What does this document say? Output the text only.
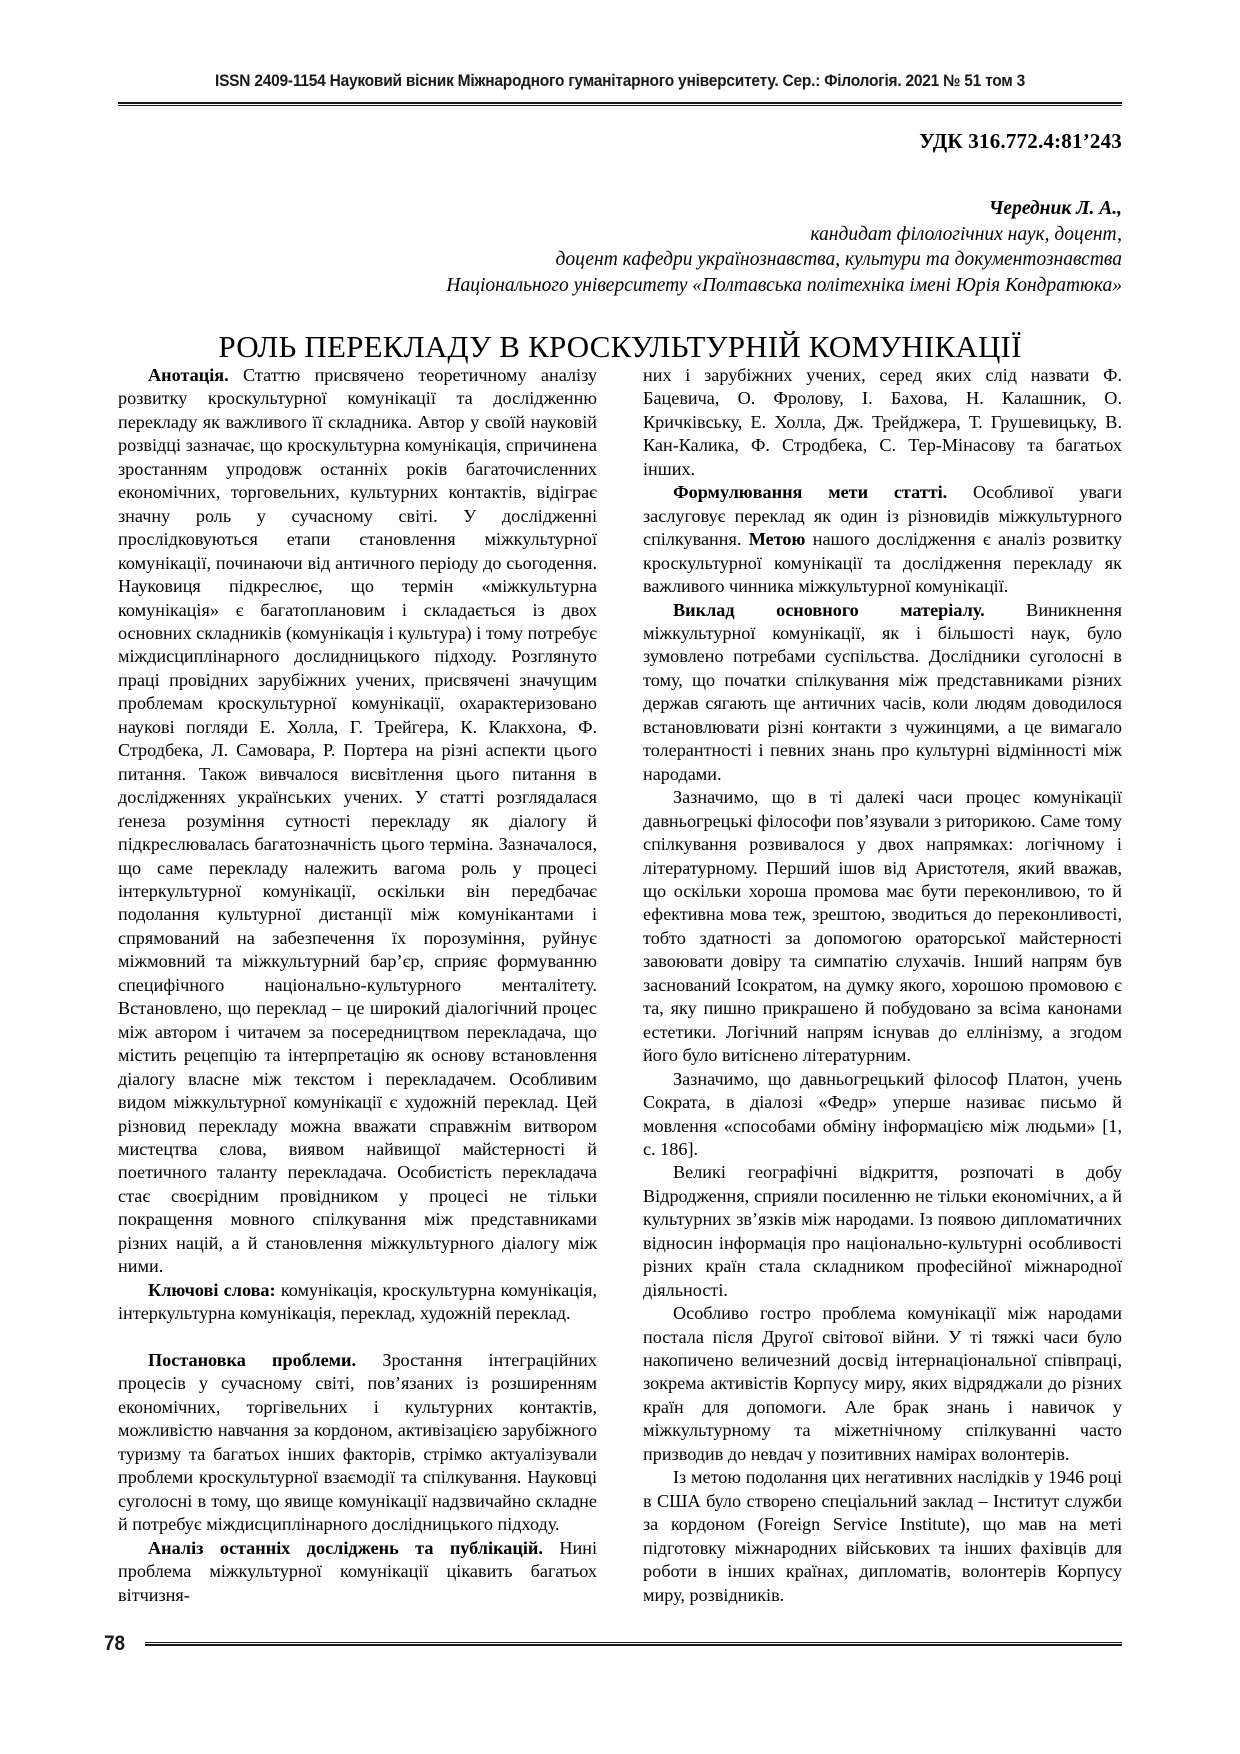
ISSN 2409-1154 Науковий вісник Міжнародного гуманітарного університету. Сер.: Філологія. 2021 № 51 том 3
УДК 316.772.4:81’243
Чередник Л. А.,
кандидат філологічних наук, доцент,
доцент кафедри українознавства, культури та документознавства
Національного університету «Полтавська політехніка імені Юрія Кондратюка»
РОЛЬ ПЕРЕКЛАДУ В КРОСКУЛЬТУРНІЙ КОМУНІКАЦІЇ

Анотація. Статтю присвячено теоретичному аналізу розвитку кроскультурної комунікації та дослідженню перекладу як важливого її складника. Автор у своїй науковій розвідці зазначає, що кроскультурна комунікація, спричинена зростанням упродовж останніх років багаточисленних економічних, торговельних, культурних контактів, відіграє значну роль у сучасному світі. У дослідженні прослідковуються етапи становлення міжкультурної комунікації, починаючи від античного періоду до сьогодення. Науковиця підкреслює, що термін «міжкультурна комунікація» є багатоплановим і складається із двох основних складників (комунікація і культура) і тому потребує міждисциплінарного дослидницького підходу. Розглянуто праці провідних зарубіжних учених, присвячені значущим проблемам кроскультурної комунікації, охарактеризовано наукові погляди Е. Холла, Г. Трейгера, К. Клакхона, Ф. Стродбека, Л. Самовара, Р. Портера на різні аспекти цього питання. Також вивчалося висвітлення цього питання в дослідженнях українських учених. У статті розглядалася ґенеза розуміння сутності перекладу як діалогу й підкреслювалась багатозначність цього терміна. Зазначалося, що саме перекладу належить вагома роль у процесі інтеркультурної комунікації, оскільки він передбачає подолання культурної дистанції між комунікантами і спрямований на забезпечення їх порозуміння, руйнує міжмовний та міжкультурний бар’єр, сприяє формуванню специфічного національно-культурного менталітету. Встановлено, що переклад – це широкий діалогічний процес між автором і читачем за посередництвом перекладача, що містить рецепцію та інтерпретацію як основу встановлення діалогу власне між текстом і перекладачем. Особливим видом міжкультурної комунікації є художній переклад. Цей різновид перекладу можна вважати справжнім витвором мистецтва слова, виявом найвищої майстерності й поетичного таланту перекладача. Особистість перекладача стає своєрідним провідником у процесі не тільки покращення мовного спілкування між представниками різних націй, а й становлення міжкультурного діалогу між ними.

Ключові слова: комунікація, кроскультурна комунікація, інтеркультурна комунікація, переклад, художній переклад.

Постановка проблеми. Зростання інтеграційних процесів у сучасному світі, пов’язаних із розширенням економічних, торгівельних і культурних контактів, можливістю навчання за кордоном, активізацією зарубіжного туризму та багатьох інших факторів, стрімко актуалізували проблеми кроскультурної взаємодії та спілкування. Науковці суголосні в тому, що явище комунікації надзвичайно складне й потребує міждисциплінарного дослідницького підходу.

Аналіз останніх досліджень та публікацій. Нині проблема міжкультурної комунікації цікавить багатьох вітчизня-

них і зарубіжних учених, серед яких слід назвати Ф. Бацевича, О. Фролову, І. Бахова, Н. Калашник, О. Кричківську, Е. Холла, Дж. Трейджера, Т. Грушевицьку, В. Кан-Калика, Ф. Стродбека, С. Тер-Мінасову та багатьох інших.

Формулювання мети статті. Особливої уваги заслуговує переклад як один із різновидів міжкультурного спілкування. Метою нашого дослідження є аналіз розвитку кроскультурної комунікації та дослідження перекладу як важливого чинника міжкультурної комунікації.

Виклад основного матеріалу. Виникнення міжкультурної комунікації, як і більшості наук, було зумовлено потребами суспільства. Дослідники суголосні в тому, що початки спілкування між представниками різних держав сягають ще античних часів, коли людям доводилося встановлювати різні контакти з чужинцями, а це вимагало толерантності і певних знань про культурні відмінності між народами.

Зазначимо, що в ті далекі часи процес комунікації давньогрецькі філософи пов’язували з риторикою. Саме тому спілкування розвивалося у двох напрямках: логічному і літературному. Перший ішов від Аристотеля, який вважав, що оскільки хороша промова має бути переконливою, то й ефективна мова теж, зрештою, зводиться до переконливості, тобто здатності за допомогою ораторської майстерності завоювати довіру та симпатію слухачів. Інший напрям був заснований Ісократом, на думку якого, хорошою промовою є та, яку пишно прикрашено й побудовано за всіма канонами естетики. Логічний напрям існував до еллінізму, а згодом його було витіснено літературним.

Зазначимо, що давньогрецький філософ Платон, учень Сократа, в діалозі «Федр» уперше називає письмо й мовлення «способами обміну інформацією між людьми» [1, с. 186].

Великі географічні відкриття, розпочаті в добу Відродження, сприяли посиленню не тільки економічних, а й культурних зв’язків між народами. Із появою дипломатичних відносин інформація про національно-культурні особливості різних країн стала складником професійної міжнародної діяльності.

Особливо гостро проблема комунікації між народами постала після Другої світової війни. У ті тяжкі часи було накопичено величезний досвід інтернаціональної співпраці, зокрема активістів Корпусу миру, яких відряджали до різних країн для допомоги. Але брак знань і навичок у міжкультурному та міжетнічному спілкуванні часто призводив до невдач у позитивних намірах волонтерів.

Із метою подолання цих негативних наслідків у 1946 році в США було створено спеціальний заклад – Інститут служби за кордоном (Foreign Service Institute), що мав на меті підготовку міжнародних військових та інших фахівців для роботи в інших країнах, дипломатів, волонтерів Корпусу миру, розвідників.

78
